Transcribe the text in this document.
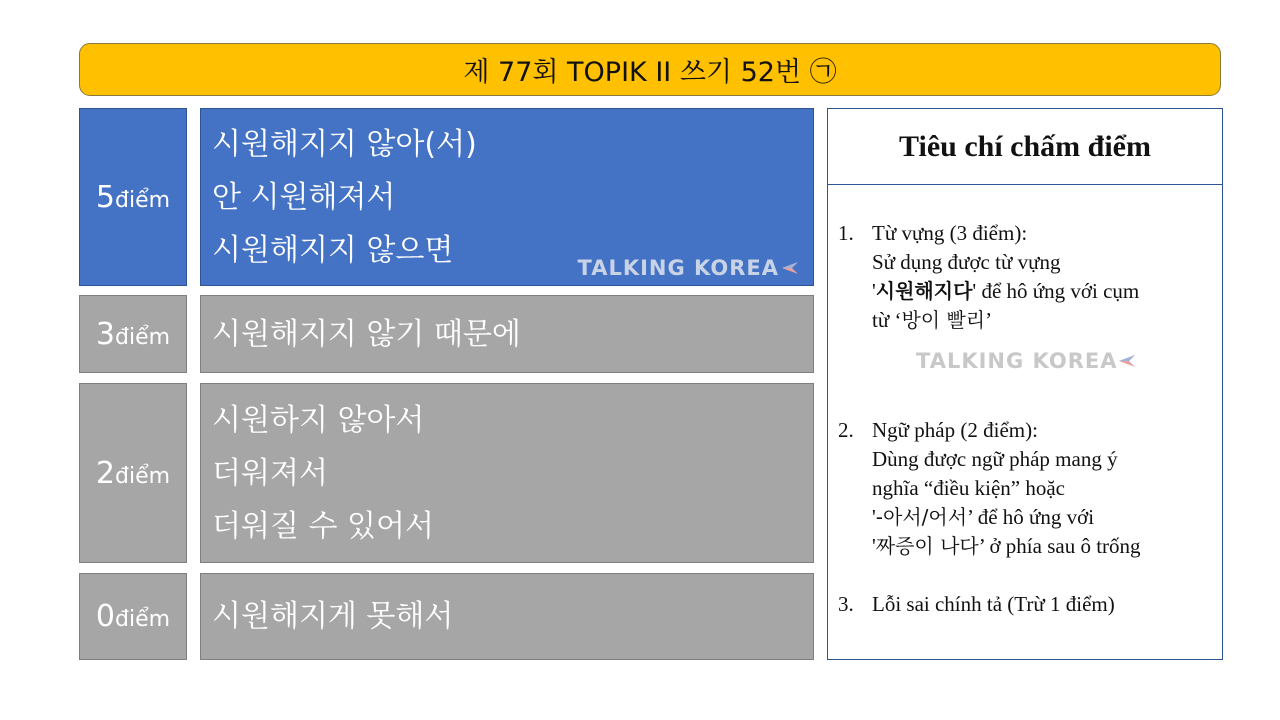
제 77회 TOPIK II 쓰기 52번 ㉠
5 điểm
시원해지지 않아(서)
안 시원해져서
시원해지지 않으면
TALKING KOREA
3 điểm 시원해지지 않기 때문에
2 điểm
시원하지 않아서
더워져서
더워질 수 있어서
0 điểm 시원해지게 못해서
Tiêu chí chấm điểm
1. Từ vựng (3 điểm):
Sử dụng được từ vựng
'시원해지다' để hô ứng với cụm
từ ‘방이 빨리’
2. Ngữ pháp (2 điểm):
Dùng được ngữ pháp mang ý
nghĩa “điều kiện” hoặc
'-아서/어서’ để hô ứng với
'짜증이 나다’ ở phía sau ô trống
3. Lỗi sai chính tả (Trừ 1 điểm)
TALKING KOREA
